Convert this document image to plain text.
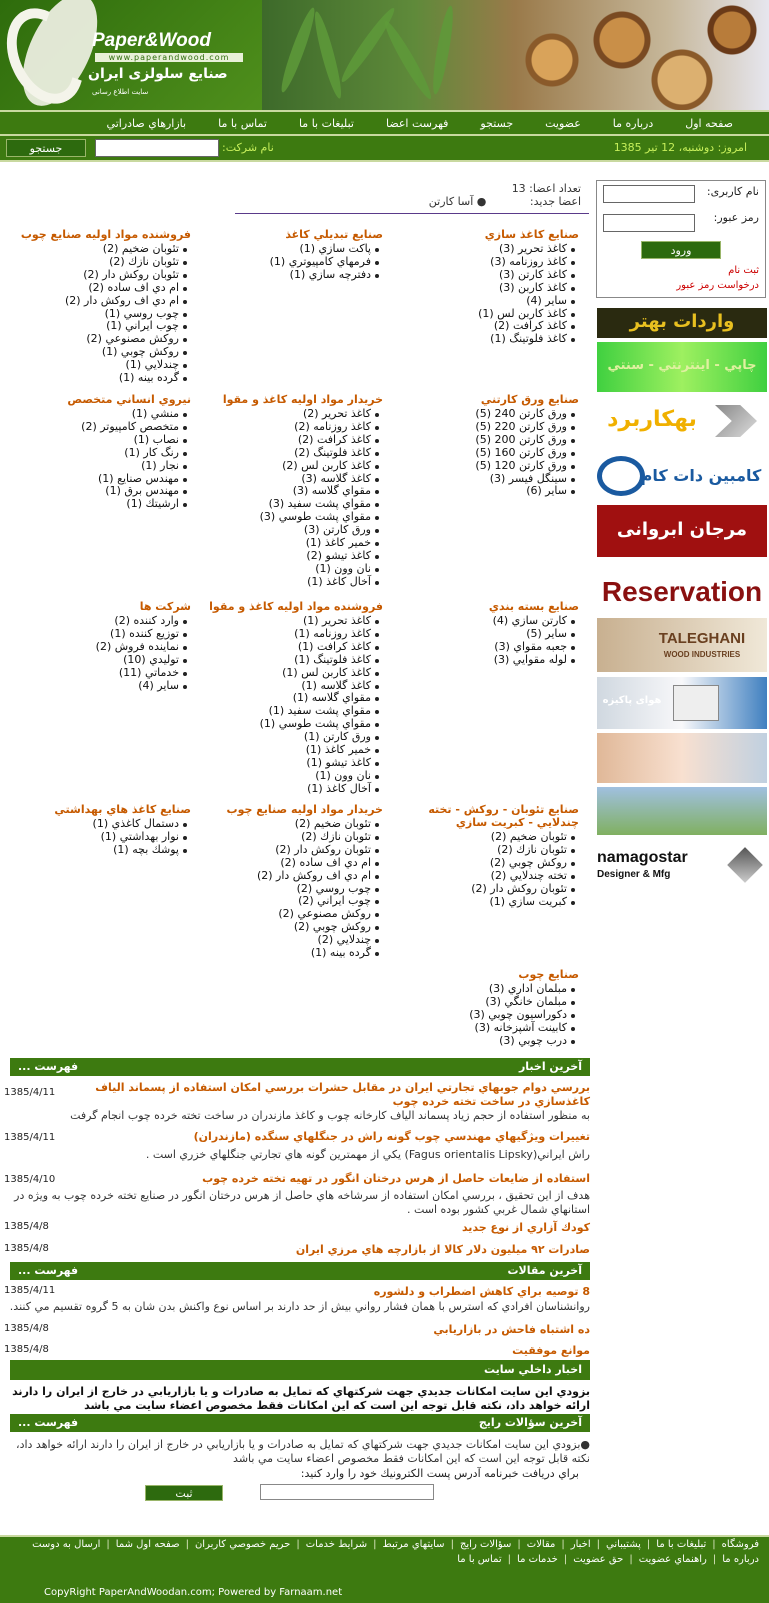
Paper&Wood
www.paperandwood.com
صنایع سلولزی ایران
سایت اطلاع رسانی
صفحه اول
درباره ما
عضويت
جستجو
فهرست اعضا
تبليغات با ما
تماس با ما
بازارهاي صادراتي
امروز: دوشنبه، 12 تير 1385
نام شركت:
جستجو
نام کاربری:
رمز عبور:
ورود
ثبت نام
درخواست رمز عبور
واردات بهتر
چاپي - اینترنتي - سنتي
بهکاربرد
کامبین دات کام
مرجان ابروانی
Reservation
TALEGHANI
WOOD INDUSTRIES
هوای پاکیزه
namagostar
Designer & Mfg
تعداد اعضا: 13
اعضا جديد: ● آسا كارتن
صنايع كاغذ سازي
كاغذ تحرير (3)
كاغذ روزنامه (3)
كاغذ كارتن (3)
كاغذ كاربن (3)
ساير (4)
كاغذ كاربن لس (1)
كاغذ كرافت (2)
كاغذ فلوتينگ (1)
صنايع تبديلي كاغذ
پاكت سازي (1)
فرمهاي كامپيوتري (1)
دفترچه سازي (1)
فروشنده مواد اوليه صنايع چوب
تئوبان ضخيم (2)
تئوبان نازك (2)
تئوبان روكش دار (2)
ام دي اف ساده (2)
ام دي اف روكش دار (2)
چوب روسي (1)
چوب ايراني (1)
روكش مصنوعي (2)
روكش چوبي (1)
چندلايي (1)
گرده بينه (1)
صنايع ورق كارتني
ورق كارتن 240 (5)
ورق كارتن 220 (5)
ورق كارتن 200 (5)
ورق كارتن 160 (5)
ورق كارتن 120 (5)
سينگل فيسر (3)
ساير (6)
خريدار مواد اوليه كاغذ و مقوا
كاغذ تحرير (2)
كاغذ روزنامه (2)
كاغذ كرافت (2)
كاغذ فلوتينگ (2)
كاغذ كاربن لس (2)
كاغذ گلاسه (3)
مقواي گلاسه (3)
مقواي پشت سفيد (3)
مقواي پشت طوسي (3)
ورق كارتن (3)
خمير كاغذ (1)
كاغذ تيشو (2)
نان وون (1)
آخال كاغذ (1)
نيروي انساني متخصص
منشي (1)
متخصص كامپيوتر (2)
نصاب (1)
رنگ كار (1)
نجار (1)
مهندس صنايع (1)
مهندس برق (1)
ارشيتك (1)
صنايع بسته بندي
كارتن سازي (4)
ساير (5)
جعبه مقواي (3)
لوله مقوايي (3)
فروشنده مواد اوليه كاغذ و مقوا
كاغذ تحرير (1)
كاغذ روزنامه (1)
كاغذ كرافت (1)
كاغذ فلوتينگ (1)
كاغذ كاربن لس (1)
كاغذ گلاسه (1)
مقواي گلاسه (1)
مقواي پشت سفيد (1)
مقواي پشت طوسي (1)
ورق كارتن (1)
خمير كاغذ (1)
كاغذ تيشو (1)
نان وون (1)
آخال كاغذ (1)
شركت ها
وارد كننده (2)
توزيع كننده (1)
نماينده فروش (2)
توليدي (10)
خدماتي (11)
ساير (4)
صنايع تئوبان - روكش - تخته چندلايي - كبريت سازي
تئوبان ضخيم (2)
تئوبان نازك (2)
روكش چوبي (2)
تخته چندلايي (2)
تئوبان روكش دار (2)
كبريت سازي (1)
خريدار مواد اوليه صنايع چوب
تئوبان ضخيم (2)
تئوبان نازك (2)
تئوبان روكش دار (2)
ام دي اف ساده (2)
ام دي اف روكش دار (2)
چوب روسي (2)
چوب ايراني (2)
روكش مصنوعي (2)
روكش چوبي (2)
چندلايي (2)
گرده بينه (1)
صنايع كاغذ هاي بهداشتي
دستمال كاغذي (1)
نوار بهداشتي (1)
پوشك بچه (1)
صنايع چوب
مبلمان اداري (3)
مبلمان خانگي (3)
دكوراسيون چوبي (3)
كابينت آشپزخانه (3)
درب چوبي (3)
آخرين اخبار
فهرست ...
1385/4/11	بررسي دوام جوبهاي تجارتي ايران در مقابل حشرات بررسي امكان استفاده از پسماند الياف كاغذسازي در ساخت تخته خرده چوب
به منظور استفاده از حجم زياد پسماند الياف كارخانه چوب و كاغذ مازندران در ساخت تخته خرده چوب انجام گرفت
1385/4/11	تغييرات ويژگيهاي مهندسي چوب گونه راش در جنگلهاي سنگده (مازندران)
راش ايراني(Fagus orientalis Lipsky) يكي از مهمترين گونه هاي تجارتي جنگلهاي خزري است .
1385/4/10	استفاده از ضايعات حاصل از هرس درختان انگور در تهيه تخته خرده چوب
هدف از اين تحقيق ، بررسي امكان استفاده از سرشاخه هاي حاصل از هرس درختان انگور در صنايع تخته خرده چوب به ويژه در استانهاي شمال غربي كشور بوده است .
1385/4/8	كودك آزاري از نوع جديد
1385/4/8	صادرات ۹۲ ميليون دلار كالا از بازارچه هاي مرزي ايران
آخرين مقالات
فهرست ...
1385/4/11	8 توصيه براي كاهش اضطراب و دلشوره
روانشناسان افرادي كه استرس با همان فشار رواني بيش از حد دارند بر اساس نوع واكنش بدن شان به 5 گروه تقسيم مي كنند.
1385/4/8	ده اشتباه فاحش در بازاريابي
1385/4/8	موانع موفقيت
اخبار داخلي سايت
بزودي اين سايت امكانات جديدي جهت شركتهاي كه تمايل به صادرات و يا بازاريابي در خارج از ايران را دارند ارائه خواهد داد، نكته قابل توجه اين است كه اين امكانات فقط مخصوص اعضاء سايت مي باشد
آخرين سؤالات رايج
فهرست ...
●بزودي اين سايت امكانات جديدي جهت شركتهاي كه تمايل به صادرات و يا بازاريابي در خارج از ايران را دارند ارائه خواهد داد، نكته قابل توجه اين است كه اين امكانات فقط مخصوص اعضاء سايت مي باشد
براي دريافت خبرنامه آدرس پست الكترونيك خود را وارد كنيد:
ثبت
فروشگاه|تبليغات با ما|پشتيباني|اخبار|مقالات|سؤالات رايج|سايتهاي مرتبط|شرايط خدمات|حريم خصوصي كاربران|صفحه اول شما|ارسال به دوست
درباره ما|راهنماي عضويت|حق عضويت|خدمات ما|تماس با ما
CopyRight PaperAndWoodan.com; Powered by Farnaam.net
